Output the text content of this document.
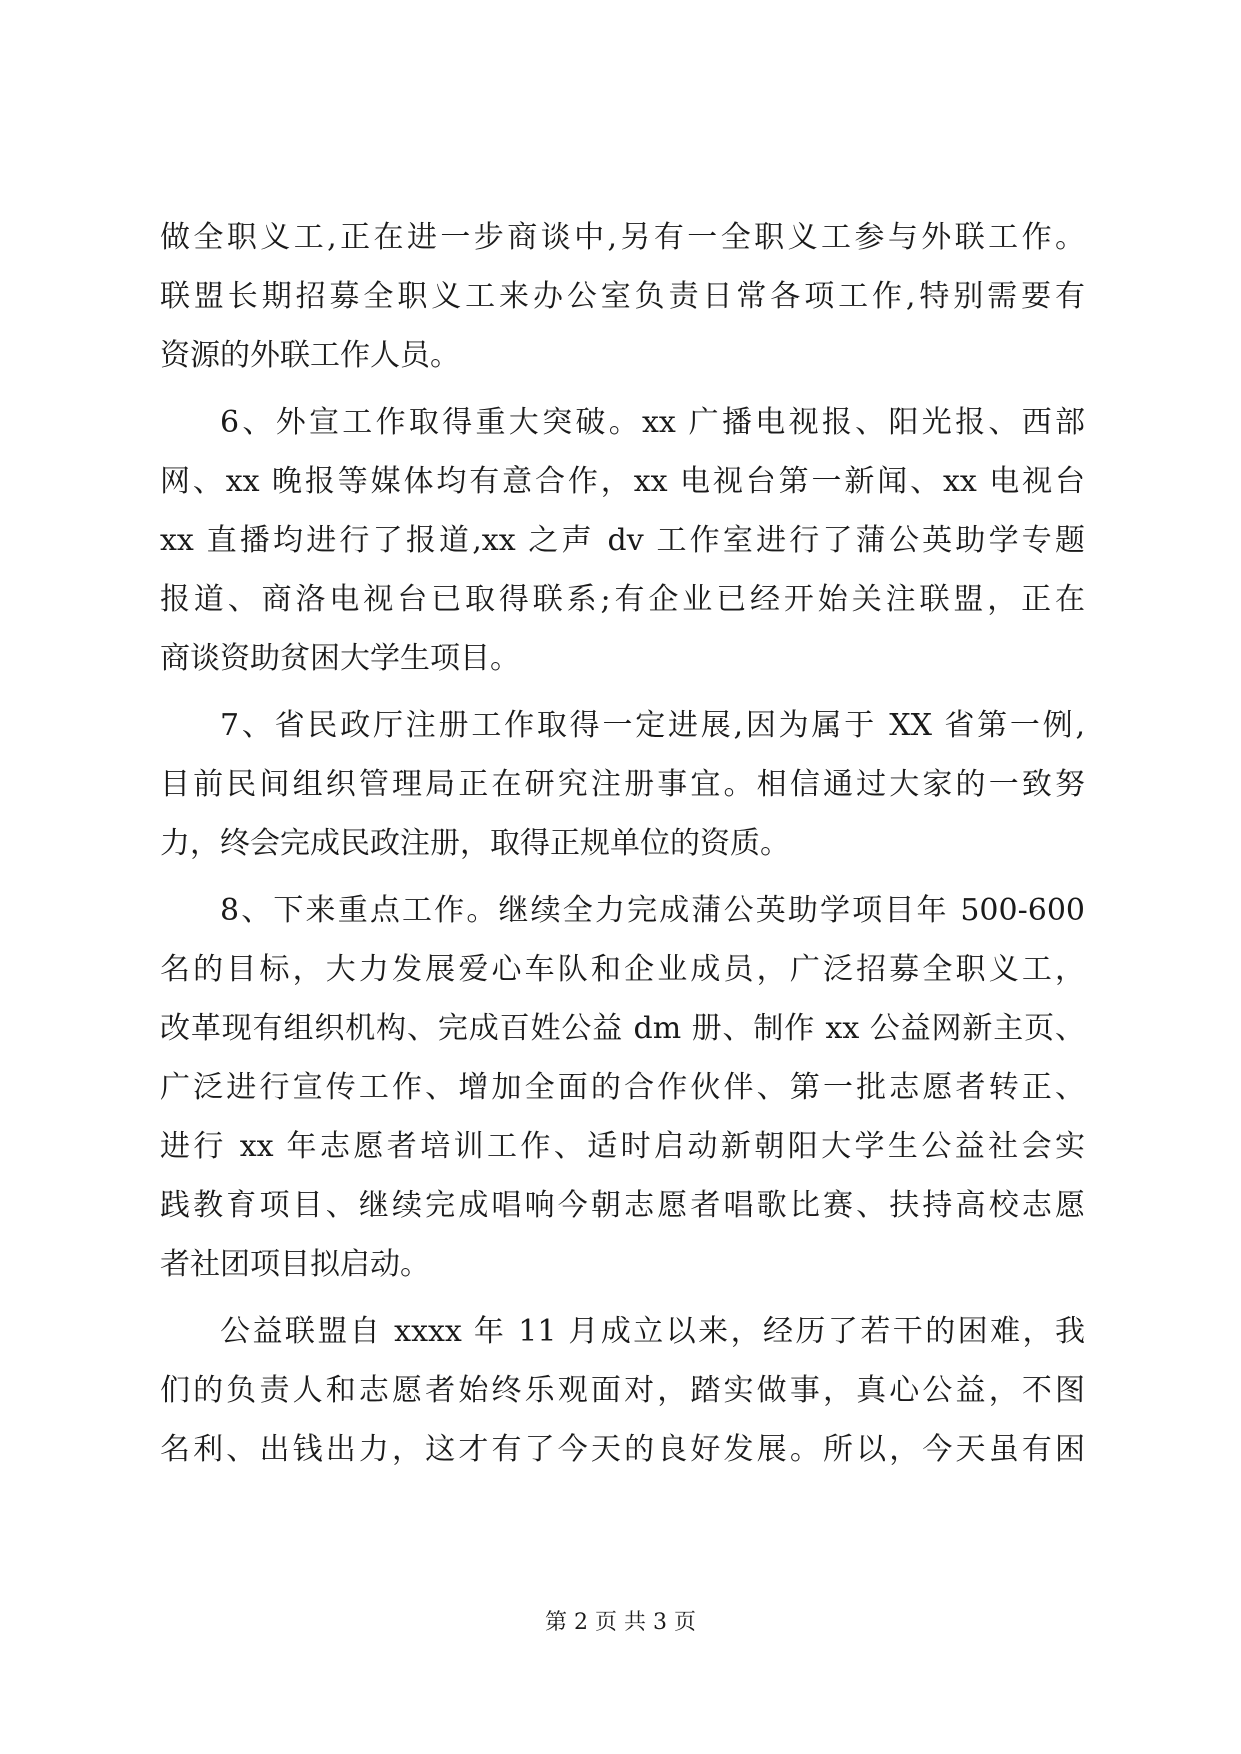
做全职义工,正在进一步商谈中,另有一全职义工参与外联工作。
联盟长期招募全职义工来办公室负责日常各项工作,特别需要有
资源的外联工作人员。
6、外宣工作取得重大突破。xx 广播电视报、阳光报、西部
网、xx 晚报等媒体均有意合作，xx 电视台第一新闻、xx 电视台
xx 直播均进行了报道,xx 之声 dv 工作室进行了蒲公英助学专题
报道、商洛电视台已取得联系;有企业已经开始关注联盟，正在
商谈资助贫困大学生项目。
7、省民政厅注册工作取得一定进展,因为属于 XX 省第一例,
目前民间组织管理局正在研究注册事宜。相信通过大家的一致努
力，终会完成民政注册，取得正规单位的资质。
8、下来重点工作。继续全力完成蒲公英助学项目年 500-600
名的目标，大力发展爱心车队和企业成员，广泛招募全职义工，
改革现有组织机构、完成百姓公益 dm 册、制作 xx 公益网新主页、
广泛进行宣传工作、增加全面的合作伙伴、第一批志愿者转正、
进行 xx 年志愿者培训工作、适时启动新朝阳大学生公益社会实
践教育项目、继续完成唱响今朝志愿者唱歌比赛、扶持高校志愿
者社团项目拟启动。
公益联盟自 xxxx 年 11 月成立以来，经历了若干的困难，我
们的负责人和志愿者始终乐观面对，踏实做事，真心公益，不图
名利、出钱出力，这才有了今天的良好发展。所以，今天虽有困
第 2 页 共 3 页
